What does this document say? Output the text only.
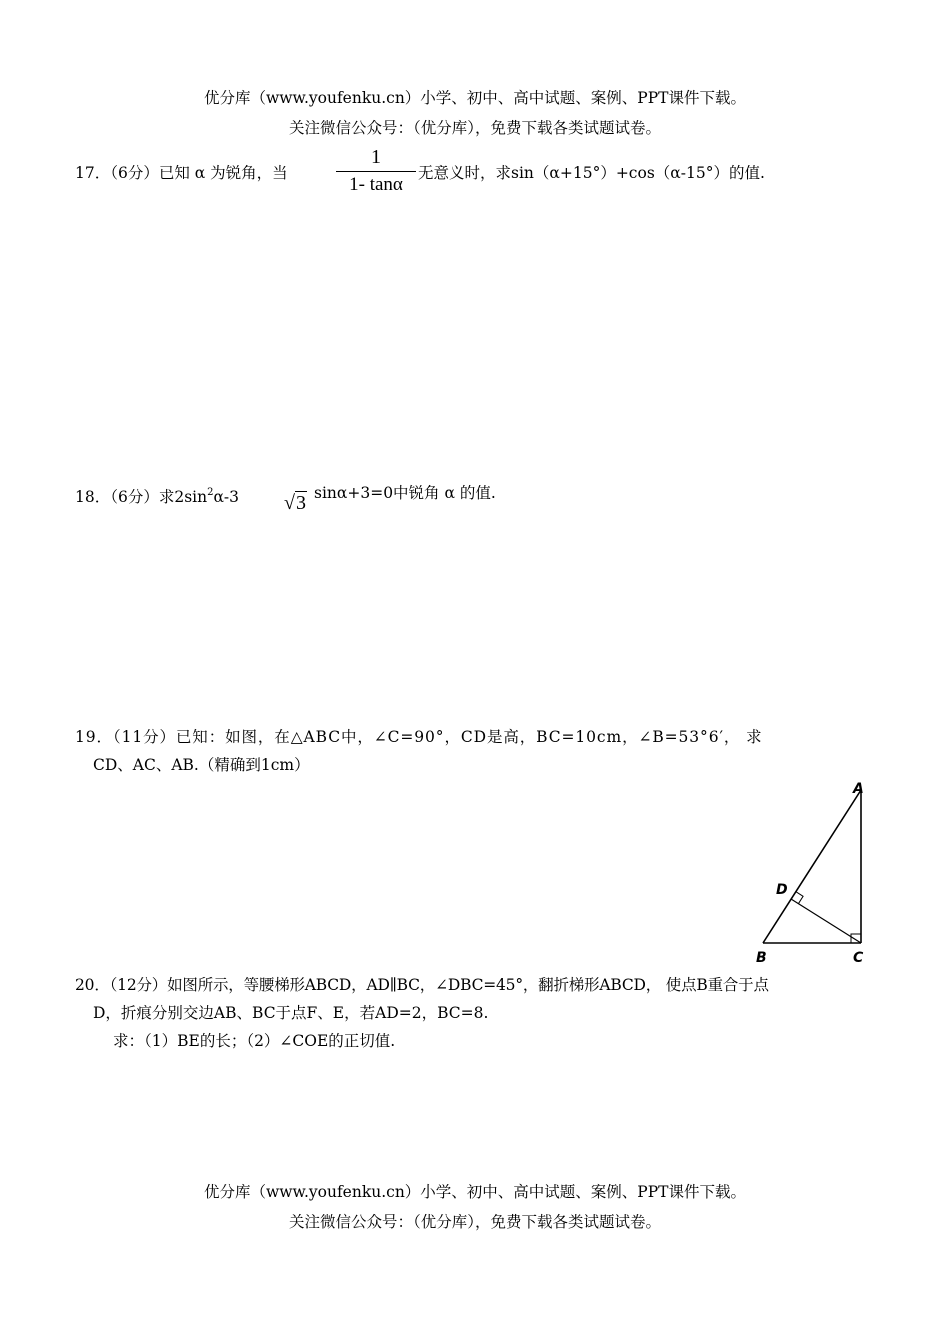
优分库（www.youfenku.cn）小学、初中、高中试题、案例、PPT课件下载。
关注微信公众号：（优分库），免费下载各类试题试卷。
17．（6分）已知 α 为锐角，当
1
1- tanα
无意义时，求sin（α+15°）+cos（α-15°）的值.
18．（6分）求$2\sin^2\alpha-3$ √3 sinα+3=0中锐角 α 的值.
19．（11分）已知：如图，在△ABC中，∠C=90°，CD是高，BC=10cm，∠B=53°6′， 求
CD、AC、AB.（精确到1cm）
A
D
B	C
20．（12分）如图所示，等腰梯形ABCD，AD∥BC，∠DBC=45°，翻折梯形ABCD， 使点B重合于点
D，折痕分别交边AB、BC于点F、E，若AD=2，BC=8.
求：（1）BE的长；（2）∠COE的正切值.
优分库（www.youfenku.cn）小学、初中、高中试题、案例、PPT课件下载。
关注微信公众号：（优分库），免费下载各类试题试卷。
